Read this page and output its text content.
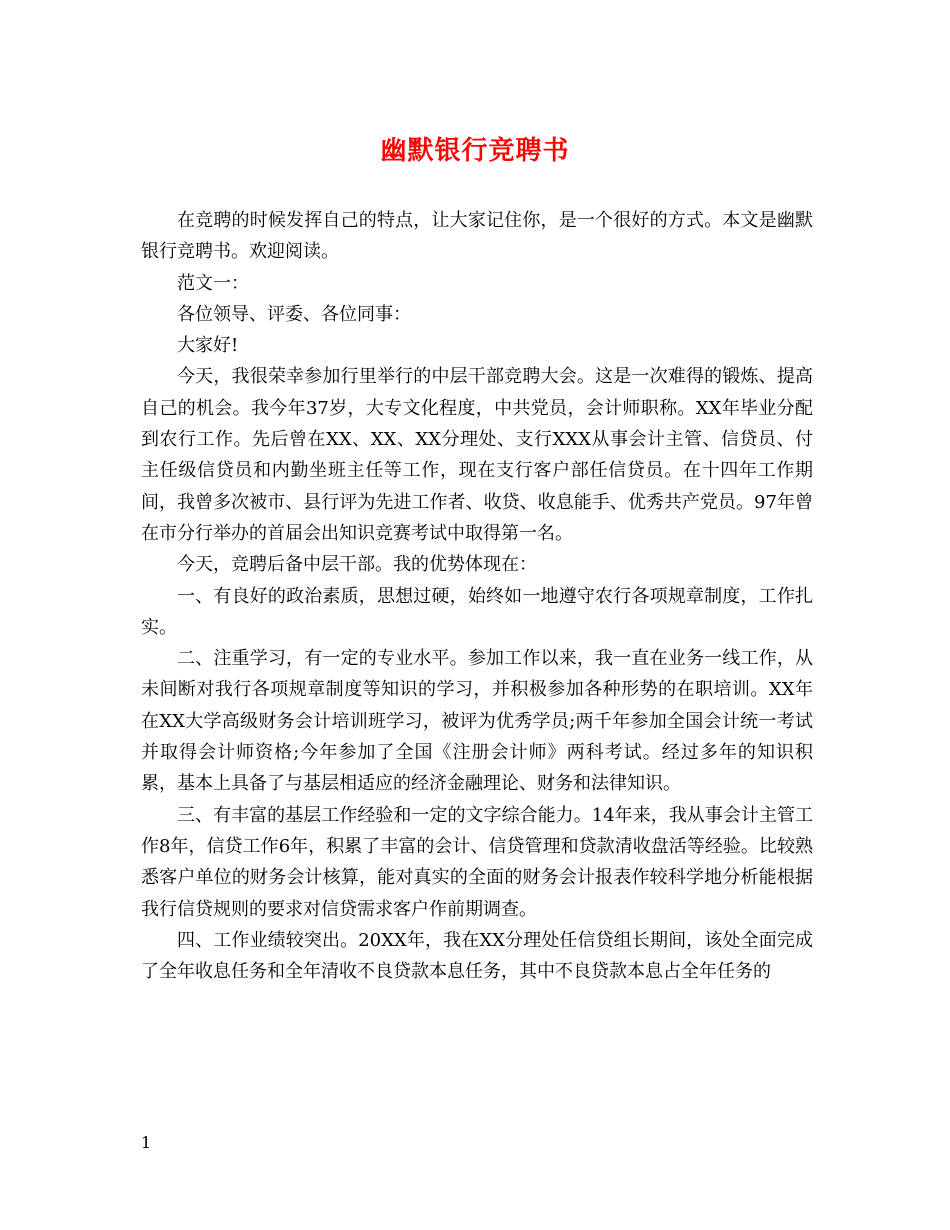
幽默银行竞聘书

在竞聘的时候发挥自己的特点，让大家记住你，是一个很好的方式。本文是幽默银行竞聘书。欢迎阅读。

范文一：

各位领导、评委、各位同事：

大家好!

今天，我很荣幸参加行里举行的中层干部竞聘大会。这是一次难得的锻炼、提高自己的机会。我今年37岁，大专文化程度，中共党员，会计师职称。XX年毕业分配到农行工作。先后曾在XX、XX、XX分理处、支行XXX从事会计主管、信贷员、付主任级信贷员和内勤坐班主任等工作，现在支行客户部任信贷员。在十四年工作期间，我曾多次被市、县行评为先进工作者、收贷、收息能手、优秀共产党员。97年曾在市分行举办的首届会出知识竞赛考试中取得第一名。

今天，竞聘后备中层干部。我的优势体现在：

一、有良好的政治素质，思想过硬，始终如一地遵守农行各项规章制度，工作扎实。

二、注重学习，有一定的专业水平。参加工作以来，我一直在业务一线工作，从未间断对我行各项规章制度等知识的学习，并积极参加各种形势的在职培训。XX年在XX大学高级财务会计培训班学习，被评为优秀学员;两千年参加全国会计统一考试并取得会计师资格;今年参加了全国《注册会计师》两科考试。经过多年的知识积累，基本上具备了与基层相适应的经济金融理论、财务和法律知识。

三、有丰富的基层工作经验和一定的文字综合能力。14年来，我从事会计主管工作8年，信贷工作6年，积累了丰富的会计、信贷管理和贷款清收盘活等经验。比较熟悉客户单位的财务会计核算，能对真实的全面的财务会计报表作较科学地分析能根据我行信贷规则的要求对信贷需求客户作前期调查。

四、工作业绩较突出。20XX年，我在XX分理处任信贷组长期间，该处全面完成了全年收息任务和全年清收不良贷款本息任务，其中不良贷款本息占全年任务的

1
